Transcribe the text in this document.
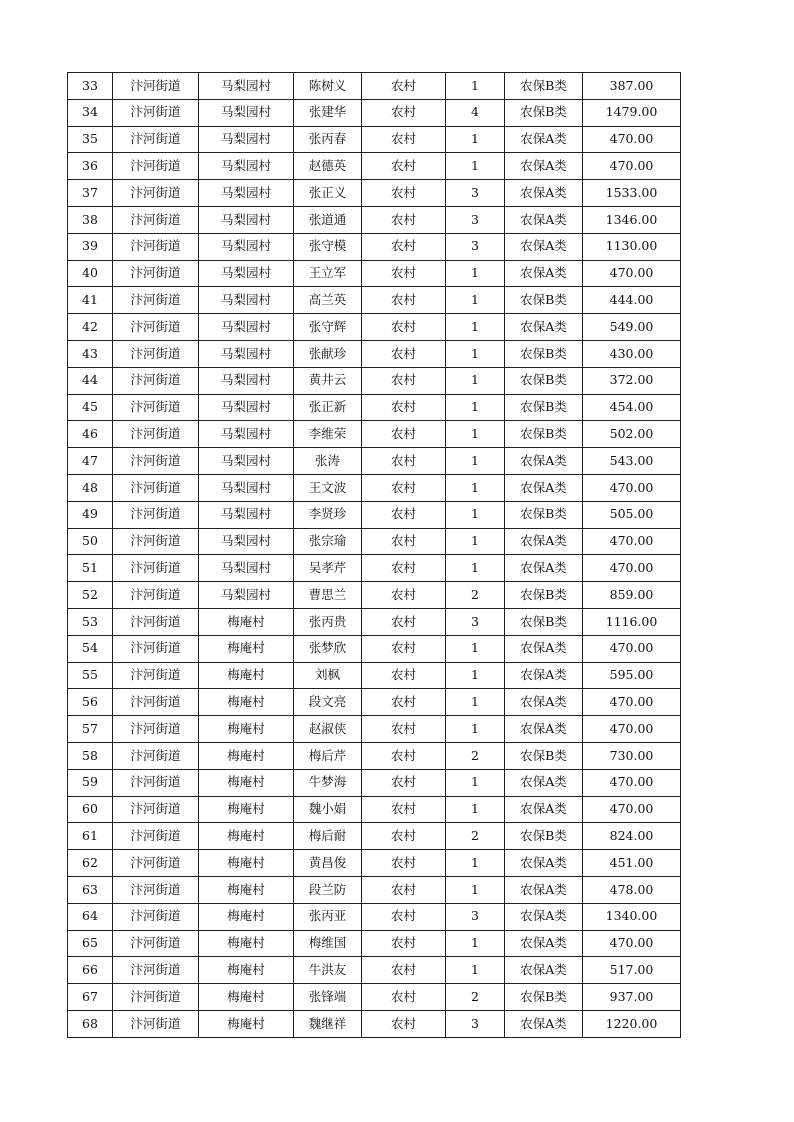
33	汴河街道	马梨园村	陈树义	农村	1	农保B类	387.00
34	汴河街道	马梨园村	张建华	农村	4	农保B类	1479.00
35	汴河街道	马梨园村	张丙春	农村	1	农保A类	470.00
36	汴河街道	马梨园村	赵德英	农村	1	农保A类	470.00
37	汴河街道	马梨园村	张正义	农村	3	农保A类	1533.00
38	汴河街道	马梨园村	张道通	农村	3	农保A类	1346.00
39	汴河街道	马梨园村	张守模	农村	3	农保A类	1130.00
40	汴河街道	马梨园村	王立军	农村	1	农保A类	470.00
41	汴河街道	马梨园村	高兰英	农村	1	农保B类	444.00
42	汴河街道	马梨园村	张守辉	农村	1	农保A类	549.00
43	汴河街道	马梨园村	张献珍	农村	1	农保B类	430.00
44	汴河街道	马梨园村	黄井云	农村	1	农保B类	372.00
45	汴河街道	马梨园村	张正新	农村	1	农保B类	454.00
46	汴河街道	马梨园村	李维荣	农村	1	农保B类	502.00
47	汴河街道	马梨园村	张涛	农村	1	农保A类	543.00
48	汴河街道	马梨园村	王文波	农村	1	农保A类	470.00
49	汴河街道	马梨园村	李贤珍	农村	1	农保B类	505.00
50	汴河街道	马梨园村	张宗瑜	农村	1	农保A类	470.00
51	汴河街道	马梨园村	吴孝芹	农村	1	农保A类	470.00
52	汴河街道	马梨园村	曹思兰	农村	2	农保B类	859.00
53	汴河街道	梅庵村	张丙贵	农村	3	农保B类	1116.00
54	汴河街道	梅庵村	张梦欣	农村	1	农保A类	470.00
55	汴河街道	梅庵村	刘枫	农村	1	农保A类	595.00
56	汴河街道	梅庵村	段文亮	农村	1	农保A类	470.00
57	汴河街道	梅庵村	赵淑侠	农村	1	农保A类	470.00
58	汴河街道	梅庵村	梅后芹	农村	2	农保B类	730.00
59	汴河街道	梅庵村	牛梦海	农村	1	农保A类	470.00
60	汴河街道	梅庵村	魏小娟	农村	1	农保A类	470.00
61	汴河街道	梅庵村	梅后耐	农村	2	农保B类	824.00
62	汴河街道	梅庵村	黄昌俊	农村	1	农保A类	451.00
63	汴河街道	梅庵村	段兰防	农村	1	农保A类	478.00
64	汴河街道	梅庵村	张丙亚	农村	3	农保A类	1340.00
65	汴河街道	梅庵村	梅维国	农村	1	农保A类	470.00
66	汴河街道	梅庵村	牛洪友	农村	1	农保A类	517.00
67	汴河街道	梅庵村	张锋端	农村	2	农保B类	937.00
68	汴河街道	梅庵村	魏继祥	农村	3	农保A类	1220.00
